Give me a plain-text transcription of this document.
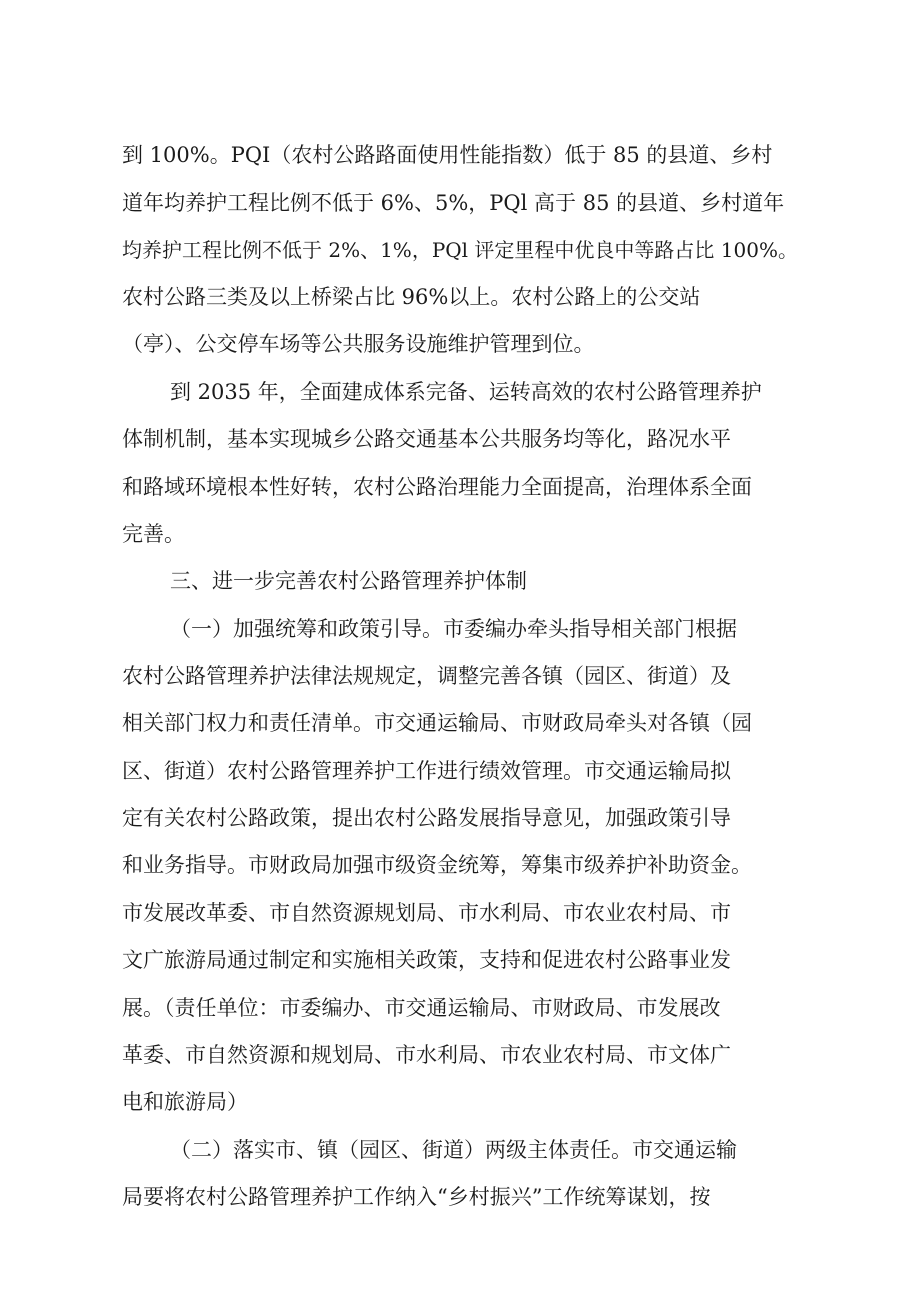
到 100%。PQI（农村公路路面使用性能指数）低于 85 的县道、乡村
道年均养护工程比例不低于 6%、5%，PQl 高于 85 的县道、乡村道年
均养护工程比例不低于 2%、1%，PQl 评定里程中优良中等路占比 100%。
农村公路三类及以上桥梁占比 96%以上。农村公路上的公交站
（亭）、公交停车场等公共服务设施维护管理到位。
到 2035 年，全面建成体系完备、运转高效的农村公路管理养护
体制机制，基本实现城乡公路交通基本公共服务均等化，路况水平
和路域环境根本性好转，农村公路治理能力全面提高，治理体系全面
完善。
三、进一步完善农村公路管理养护体制
（一）加强统筹和政策引导。市委编办牵头指导相关部门根据
农村公路管理养护法律法规规定，调整完善各镇（园区、街道）及
相关部门权力和责任清单。市交通运输局、市财政局牵头对各镇（园
区、街道）农村公路管理养护工作进行绩效管理。市交通运输局拟
定有关农村公路政策，提出农村公路发展指导意见，加强政策引导
和业务指导。市财政局加强市级资金统筹，筹集市级养护补助资金。
市发展改革委、市自然资源规划局、市水利局、市农业农村局、市
文广旅游局通过制定和实施相关政策，支持和促进农村公路事业发
展。（责任单位：市委编办、市交通运输局、市财政局、市发展改
革委、市自然资源和规划局、市水利局、市农业农村局、市文体广
电和旅游局）
（二）落实市、镇（园区、街道）两级主体责任。市交通运输
局要将农村公路管理养护工作纳入“乡村振兴”工作统筹谋划，按
